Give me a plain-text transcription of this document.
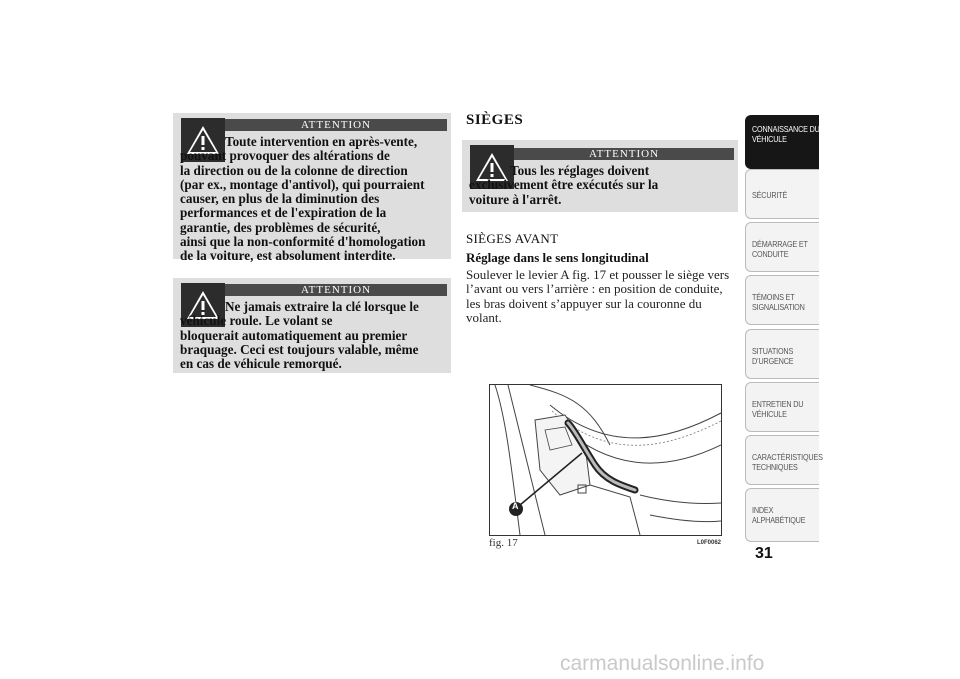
ATTENTION
Toute intervention en après-vente,
pouvant provoquer des altérations de
la direction ou de la colonne de direction
(par ex., montage d'antivol), qui pourraient
causer, en plus de la diminution des
performances et de l'expiration de la
garantie, des problèmes de sécurité,
ainsi que la non-conformité d'homologation
de la voiture, est absolument interdite.
ATTENTION
Ne jamais extraire la clé lorsque le
véhicule roule. Le volant se
bloquerait automatiquement au premier
braquage. Ceci est toujours valable, même
en cas de véhicule remorqué.
SIÈGES
ATTENTION
Tous les réglages doivent
exclusivement être exécutés sur la
voiture à l'arrêt.
SIÈGES AVANT
Réglage dans le sens longitudinal
Soulever le levier A fig. 17 et pousser le siège vers
l’avant ou vers l’arrière : en position de conduite,
les bras doivent s’appuyer sur la couronne du
volant.
A
fig. 17	L0F0062
CONNAISSANCE DU
VÉHICULE
SÉCURITÉ
DÉMARRAGE ET
CONDUITE
TÉMOINS ET
SIGNALISATION
SITUATIONS
D’URGENCE
ENTRETIEN DU
VÉHICULE
CARACTÉRISTIQUES
TECHNIQUES
INDEX
ALPHABÉTIQUE
31
carmanualsonline.info
